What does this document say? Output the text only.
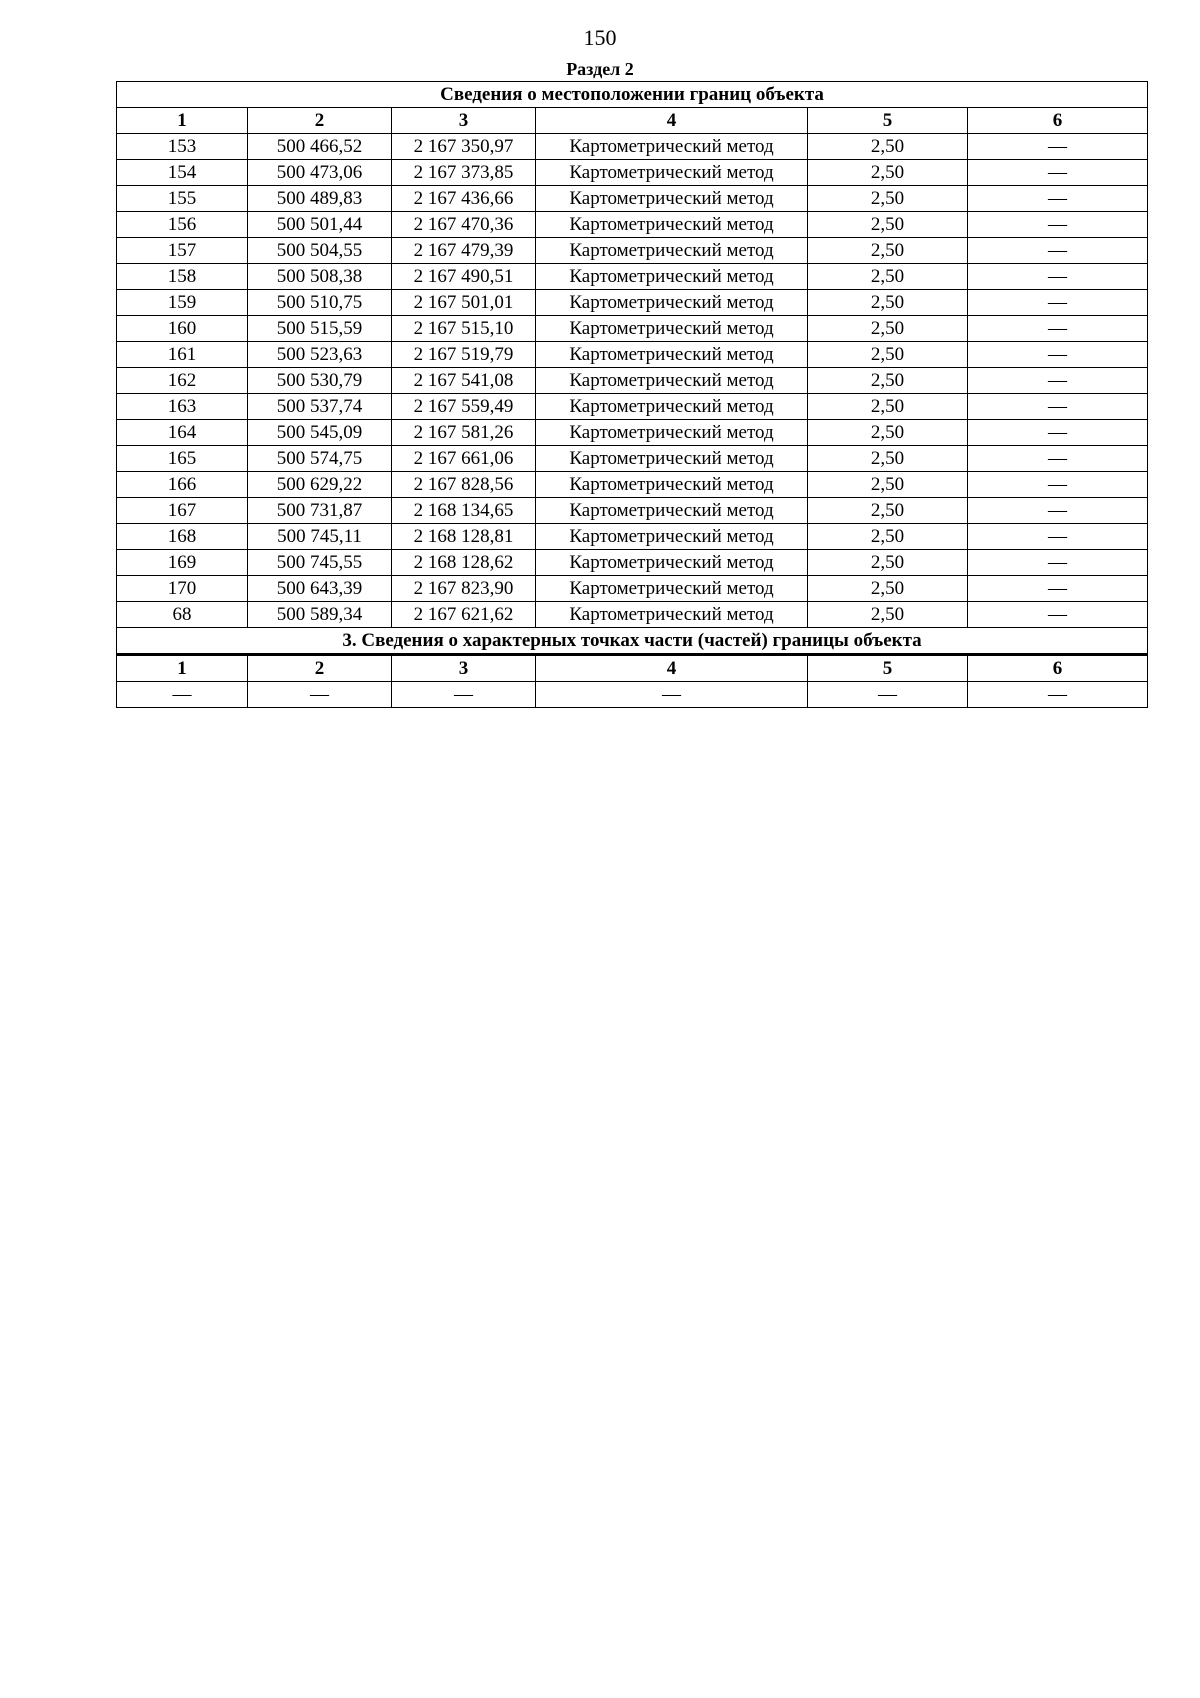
150
Раздел 2
Сведения о местоположении границ объекта					
1	2	3	4	5	6
153	500 466,52	2 167 350,97	Картометрический метод	2,50	—
154	500 473,06	2 167 373,85	Картометрический метод	2,50	—
155	500 489,83	2 167 436,66	Картометрический метод	2,50	—
156	500 501,44	2 167 470,36	Картометрический метод	2,50	—
157	500 504,55	2 167 479,39	Картометрический метод	2,50	—
158	500 508,38	2 167 490,51	Картометрический метод	2,50	—
159	500 510,75	2 167 501,01	Картометрический метод	2,50	—
160	500 515,59	2 167 515,10	Картометрический метод	2,50	—
161	500 523,63	2 167 519,79	Картометрический метод	2,50	—
162	500 530,79	2 167 541,08	Картометрический метод	2,50	—
163	500 537,74	2 167 559,49	Картометрический метод	2,50	—
164	500 545,09	2 167 581,26	Картометрический метод	2,50	—
165	500 574,75	2 167 661,06	Картометрический метод	2,50	—
166	500 629,22	2 167 828,56	Картометрический метод	2,50	—
167	500 731,87	2 168 134,65	Картометрический метод	2,50	—
168	500 745,11	2 168 128,81	Картометрический метод	2,50	—
169	500 745,55	2 168 128,62	Картометрический метод	2,50	—
170	500 643,39	2 167 823,90	Картометрический метод	2,50	—
68	500 589,34	2 167 621,62	Картометрический метод	2,50	—
3. Сведения о характерных точках части (частей) границы объекта					
1	2	3	4	5	6
—	—	—	—	—	—
